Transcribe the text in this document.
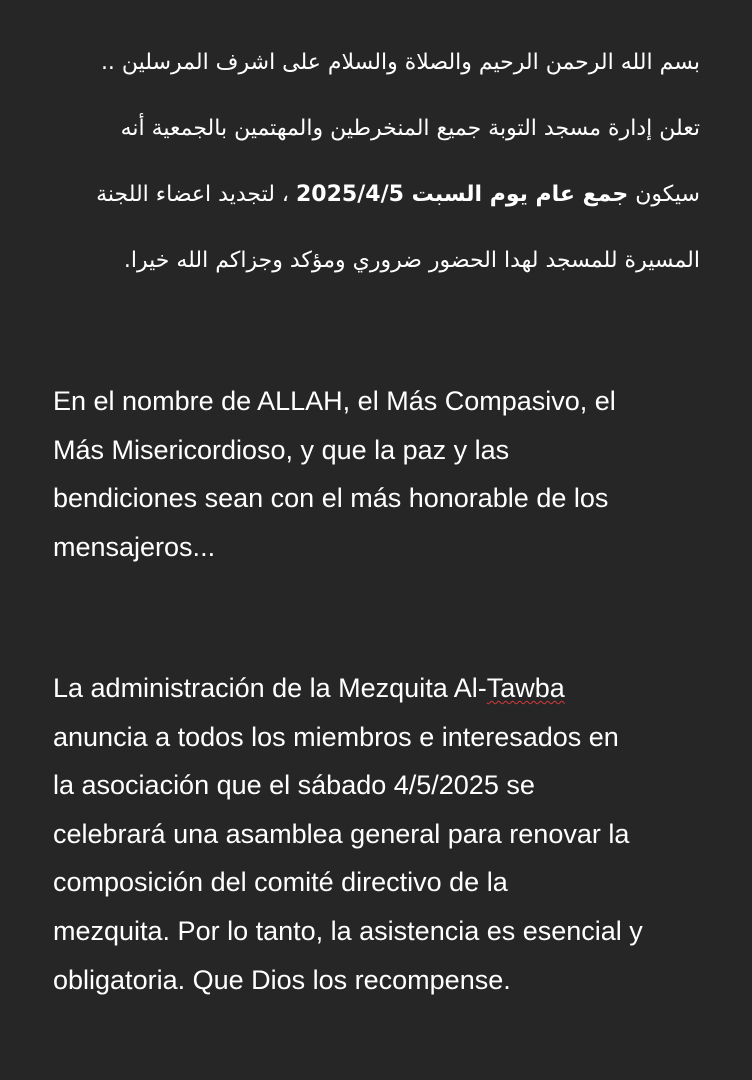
بسم الله الرحمن الرحيم والصلاة والسلام على اشرف المرسلين ..
تعلن إدارة مسجد التوبة جميع المنخرطين والمهتمين بالجمعية أنه
سيكون جمع عام يوم السبت 2025/4/5 ، لتجديد اعضاء اللجنة
المسيرة للمسجد لهدا الحضور ضروري ومؤكد وجزاكم الله خيرا.
En el nombre de ALLAH, el Más Compasivo, el
Más Misericordioso, y que la paz y las
bendiciones sean con el más honorable de los
mensajeros...
La administración de la Mezquita Al-Tawba
anuncia a todos los miembros e interesados en
la asociación que el sábado 4/5/2025 se
celebrará una asamblea general para renovar la
composición del comité directivo de la
mezquita. Por lo tanto, la asistencia es esencial y
obligatoria. Que Dios los recompense.
